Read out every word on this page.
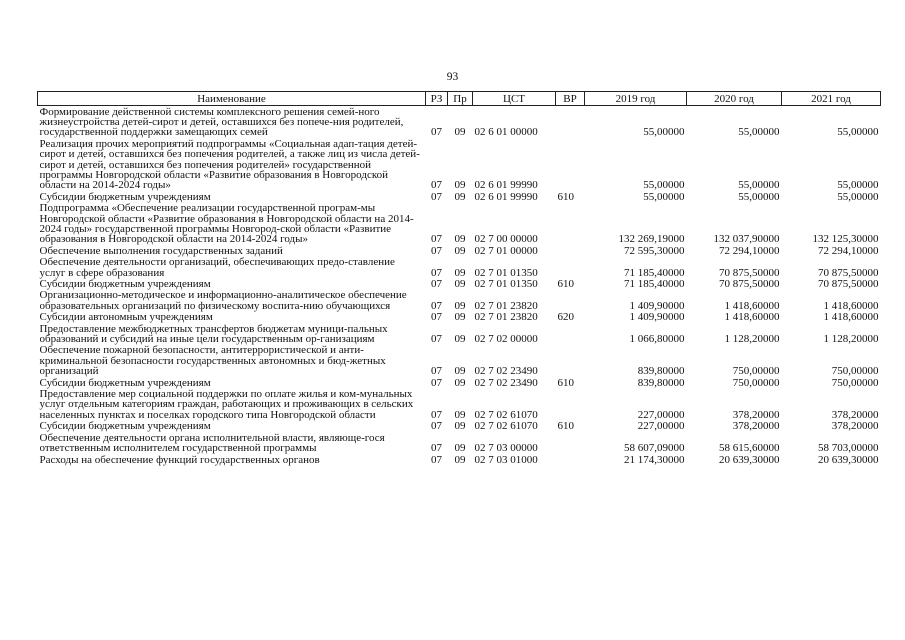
93
Наименование	РЗ	Пр	ЦСТ	ВР	2019 год	2020 год	2021 год
Формирование действенной системы комплексного решения семей-ного жизнеустройства детей-сирот и детей, оставшихся без попече-ния родителей, государственной поддержки замещающих семей	07	09	02 6 01 00000		55,00000	55,00000	55,00000
Реализация прочих мероприятий подпрограммы «Социальная адап-тация детей-сирот и детей, оставшихся без попечения родителей, а также лиц из числа детей-сирот и детей, оставшихся без попечения родителей» государственной программы Новгородской области «Развитие образования в Новгородской области на 2014-2024 годы»	07	09	02 6 01 99990		55,00000	55,00000	55,00000
Субсидии бюджетным учреждениям	07	09	02 6 01 99990	610	55,00000	55,00000	55,00000
Подпрограмма «Обеспечение реализации государственной програм-мы Новгородской области «Развитие образования в Новгородской области на 2014-2024 годы» государственной программы Новгород-ской области «Развитие образования в Новгородской области на 2014-2024 годы»	07	09	02 7 00 00000		132 269,19000	132 037,90000	132 125,30000
Обеспечение выполнения государственных заданий	07	09	02 7 01 00000		72 595,30000	72 294,10000	72 294,10000
Обеспечение деятельности организаций, обеспечивающих предо-ставление услуг в сфере образования	07	09	02 7 01 01350		71 185,40000	70 875,50000	70 875,50000
Субсидии бюджетным учреждениям	07	09	02 7 01 01350	610	71 185,40000	70 875,50000	70 875,50000
Организационно-методическое и информационно-аналитическое обеспечение образовательных организаций по физическому воспита-нию обучающихся	07	09	02 7 01 23820		1 409,90000	1 418,60000	1 418,60000
Субсидии автономным учреждениям	07	09	02 7 01 23820	620	1 409,90000	1 418,60000	1 418,60000
Предоставление межбюджетных трансфертов бюджетам муници-пальных образований и субсидий на иные цели государственным ор-ганизациям	07	09	02 7 02 00000		1 066,80000	1 128,20000	1 128,20000
Обеспечение пожарной безопасности, антитеррористической и анти-криминальной безопасности государственных автономных и бюд-жетных организаций	07	09	02 7 02 23490		839,80000	750,00000	750,00000
Субсидии бюджетным учреждениям	07	09	02 7 02 23490	610	839,80000	750,00000	750,00000
Предоставление мер социальной поддержки по оплате жилья и ком-мунальных услуг отдельным категориям граждан, работающих и проживающих в сельских населенных пунктах и поселках городского типа Новгородской области	07	09	02 7 02 61070		227,00000	378,20000	378,20000
Субсидии бюджетным учреждениям	07	09	02 7 02 61070	610	227,00000	378,20000	378,20000
Обеспечение деятельности органа исполнительной власти, являюще-гося ответственным исполнителем государственной программы	07	09	02 7 03 00000		58 607,09000	58 615,60000	58 703,00000
Расходы на обеспечение функций государственных органов	07	09	02 7 03 01000		21 174,30000	20 639,30000	20 639,30000
